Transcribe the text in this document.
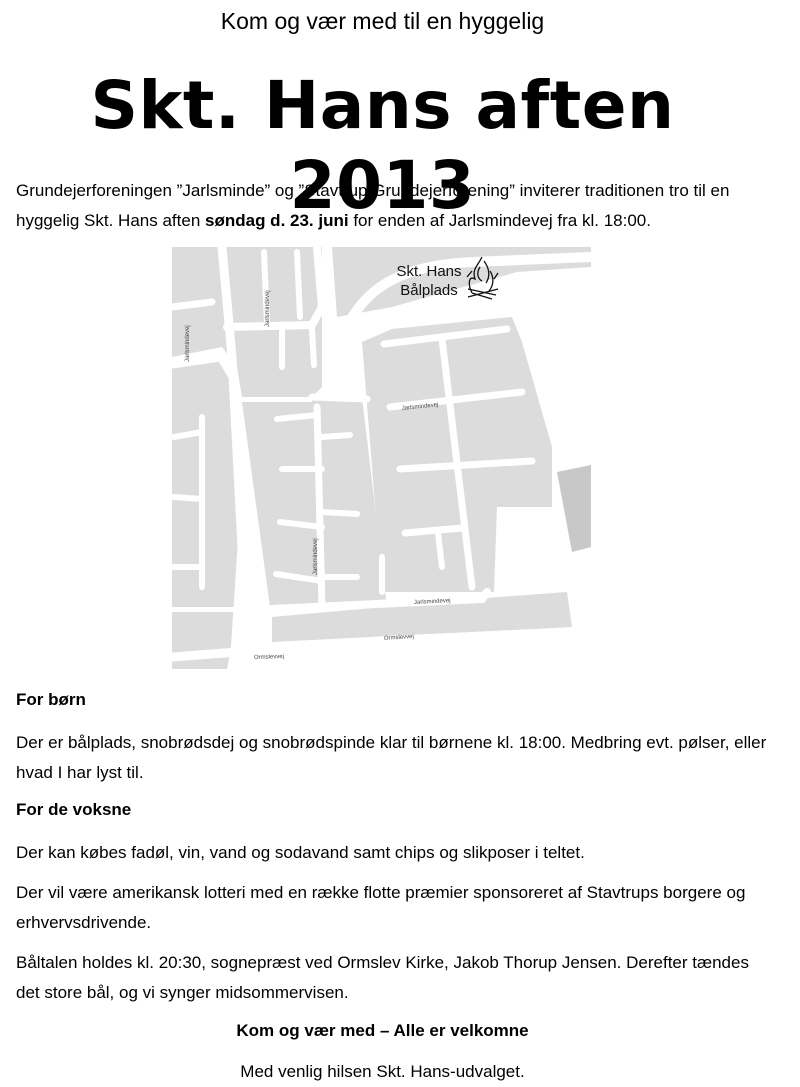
Kom og vær med til en hyggelig
Skt. Hans aften 2013
Grundejerforeningen ”Jarlsminde” og ”Stavtrup Grundejerforening” inviterer traditionen tro til en hyggelig Skt. Hans aften søndag d. 23. juni for enden af Jarlsmindevej fra kl. 18:00.
Jarlsmindevej
Jarlsmindevej
Jarlsmindevej
Jarlsmindevej
Jarlsmindevej
Ormslevvej
Ormslevvej
Skt. Hans
Bålplads
For børn
Der er bålplads, snobrødsdej og snobrødspinde klar til børnene kl. 18:00. Medbring evt. pølser, eller hvad I har lyst til.
For de voksne
Der kan købes fadøl, vin, vand og sodavand samt chips og slikposer i teltet.
Der vil være amerikansk lotteri med en række flotte præmier sponsoreret af Stavtrups borgere og erhvervsdrivende.
Båltalen holdes kl. 20:30, sognepræst ved Ormslev Kirke, Jakob Thorup Jensen. Derefter tændes det store bål, og vi synger midsommervisen.
Kom og vær med – Alle er velkomne
Med venlig hilsen Skt. Hans-udvalget.
